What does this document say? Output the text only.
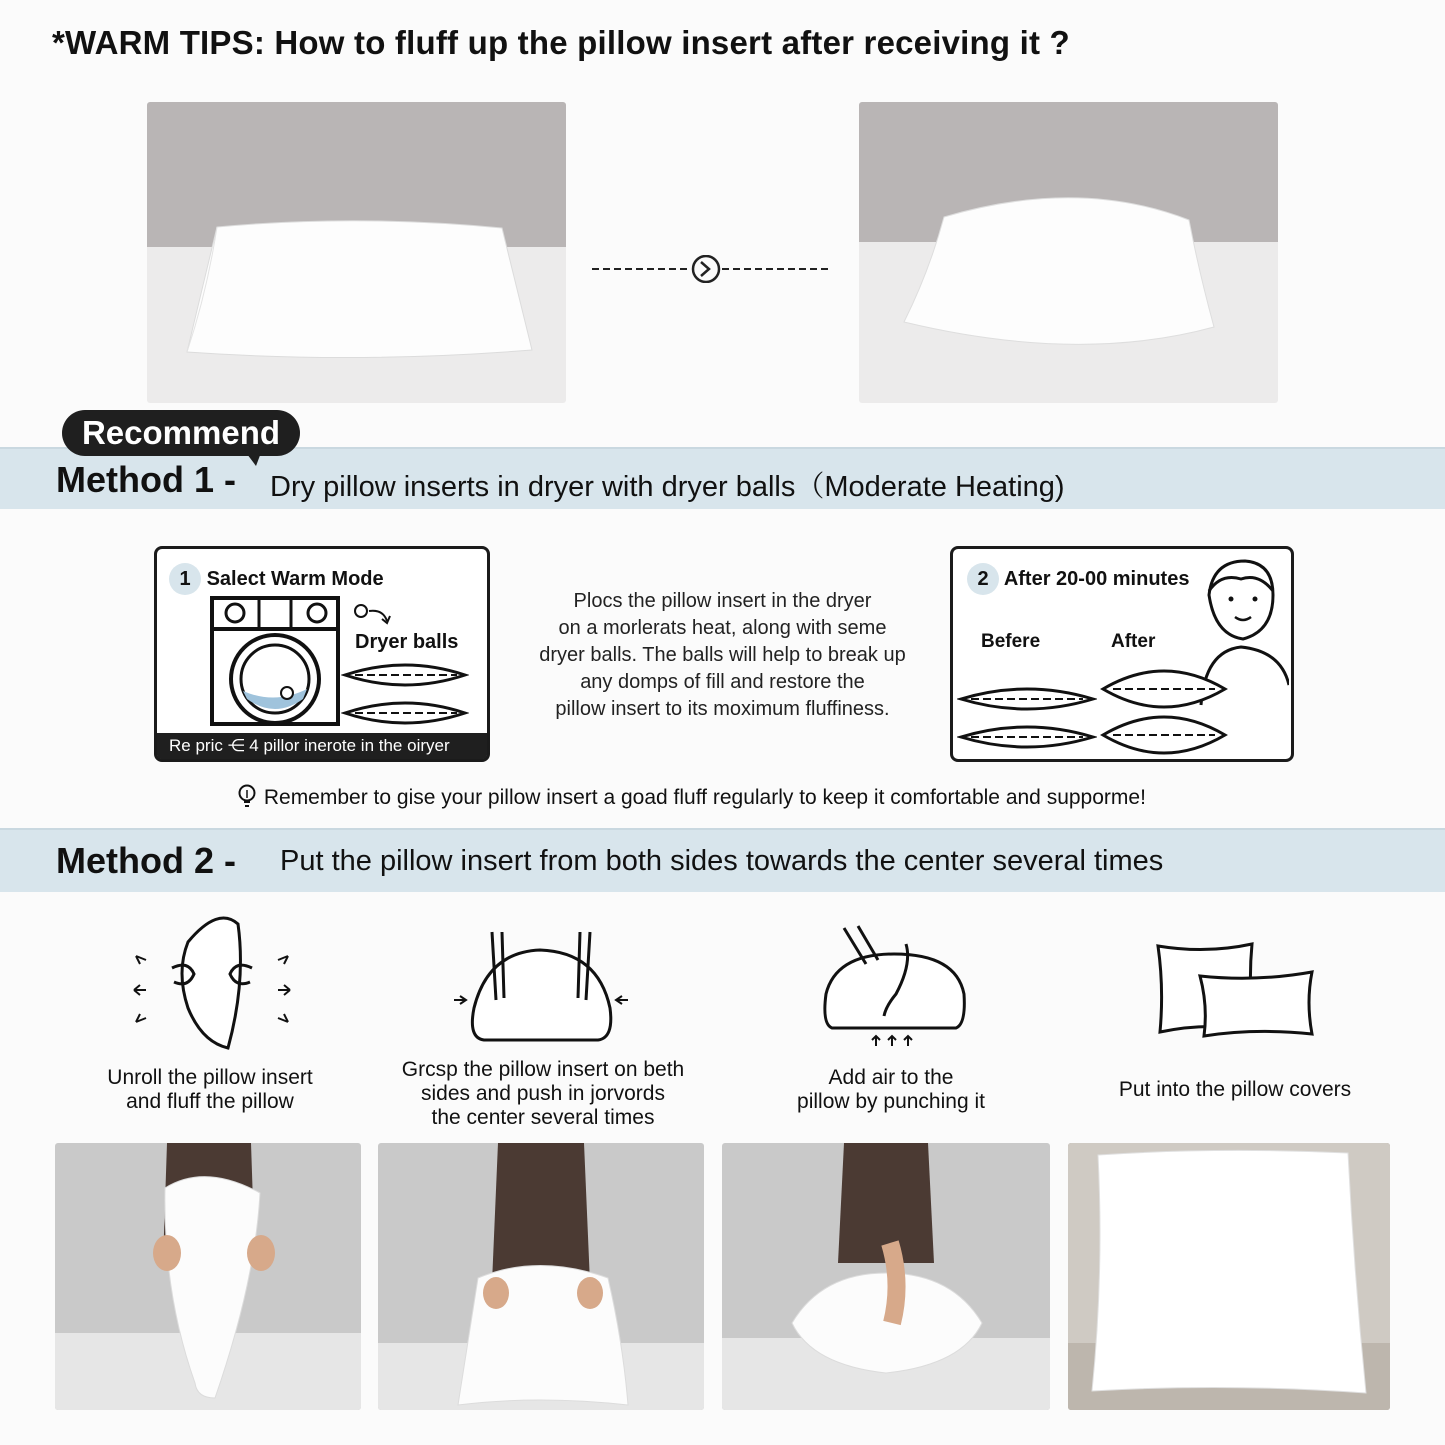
*WARM TIPS: How to fluff up the pillow insert after receiving it ?
Method 1 - Dry pillow inserts in dryer with dryer balls（Moderate Heating)
Recommend
1 Salect Warm Mode
Dryer balls
Re pric ⋲ 4 pillor inerote in the oiryer
Plocs the pillow insert in the dryer
on a morlerats heat, along with seme
dryer balls. The balls will help to break up
any domps of fill and restore the
pillow insert to its moximum fluffiness.
2 After 20-00 minutes
Befere	After
Remember to gise your pillow insert a goad fluff regularly to keep it comfortable and supporme!
Method 2 - Put the pillow insert from both sides towards the center several times
Unroll the pillow insert
and fluff the pillow
Grcsp the pillow insert on beth
sides and push in jorvords
the center several times
Add air to the
pillow by punching it
Put into the pillow covers
